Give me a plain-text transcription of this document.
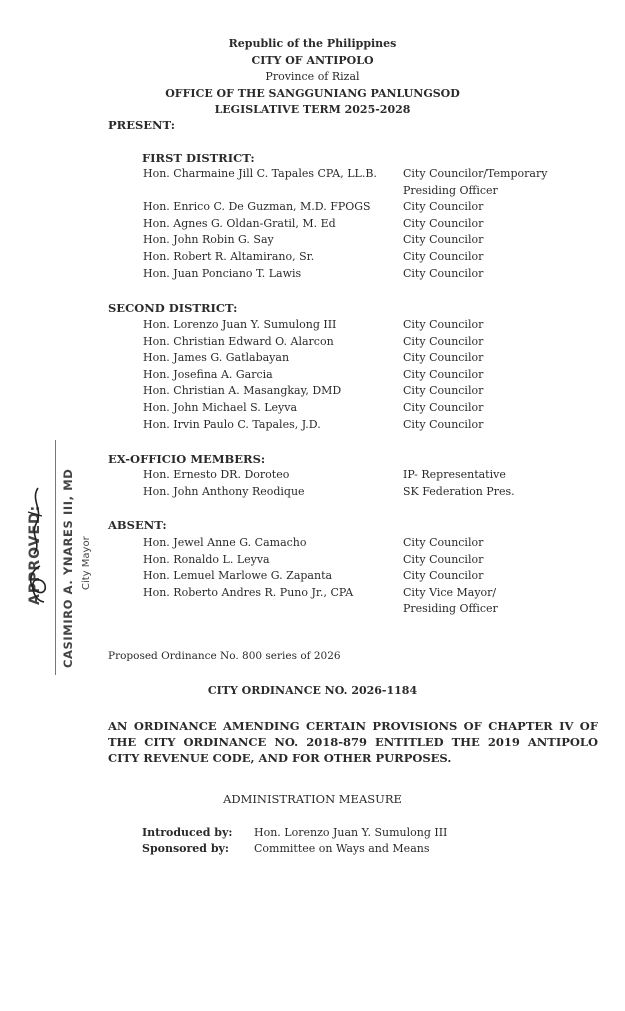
Republic of the Philippines
CITY OF ANTIPOLO
Province of Rizal
OFFICE OF THE SANGGUNIANG PANLUNGSOD
LEGISLATIVE TERM 2025-2028
PRESENT:
FIRST DISTRICT:
Hon. Charmaine Jill C. Tapales CPA, LL.B.	City Councilor/Temporary
Presiding Officer
Hon. Enrico C. De Guzman, M.D. FPOGS	City Councilor
Hon. Agnes G. Oldan-Gratil, M. Ed	City Councilor
Hon. John Robin G. Say	City Councilor
Hon. Robert R. Altamirano, Sr.	City Councilor
Hon. Juan Ponciano T. Lawis	City Councilor
SECOND DISTRICT:
Hon. Lorenzo Juan Y. Sumulong III	City Councilor
Hon. Christian Edward O. Alarcon	City Councilor
Hon. James G. Gatlabayan	City Councilor
Hon. Josefina A. Garcia	City Councilor
Hon. Christian A. Masangkay, DMD	City Councilor
Hon. John Michael S. Leyva	City Councilor
Hon. Irvin Paulo C. Tapales, J.D.	City Councilor
EX-OFFICIO MEMBERS:
Hon. Ernesto DR. Doroteo	IP- Representative
Hon. John Anthony Reodique	SK Federation Pres.
ABSENT:
Hon. Jewel Anne G. Camacho	City Councilor
Hon. Ronaldo L. Leyva	City Councilor
Hon. Lemuel Marlowe G. Zapanta	City Councilor
Hon. Roberto Andres R. Puno Jr., CPA	City Vice Mayor/
Presiding Officer
APPROVED: CASIMIRO A. YNARES III, MD City Mayor
Proposed Ordinance No. 800 series of 2026
CITY ORDINANCE NO. 2026-1184
AN ORDINANCE AMENDING CERTAIN PROVISIONS OF CHAPTER IV OF THE CITY ORDINANCE NO. 2018-879 ENTITLED THE 2019 ANTIPOLO CITY REVENUE CODE, AND FOR OTHER PURPOSES.
ADMINISTRATION MEASURE
Introduced by:	Hon. Lorenzo Juan Y. Sumulong III
Sponsored by:	Committee on Ways and Means
